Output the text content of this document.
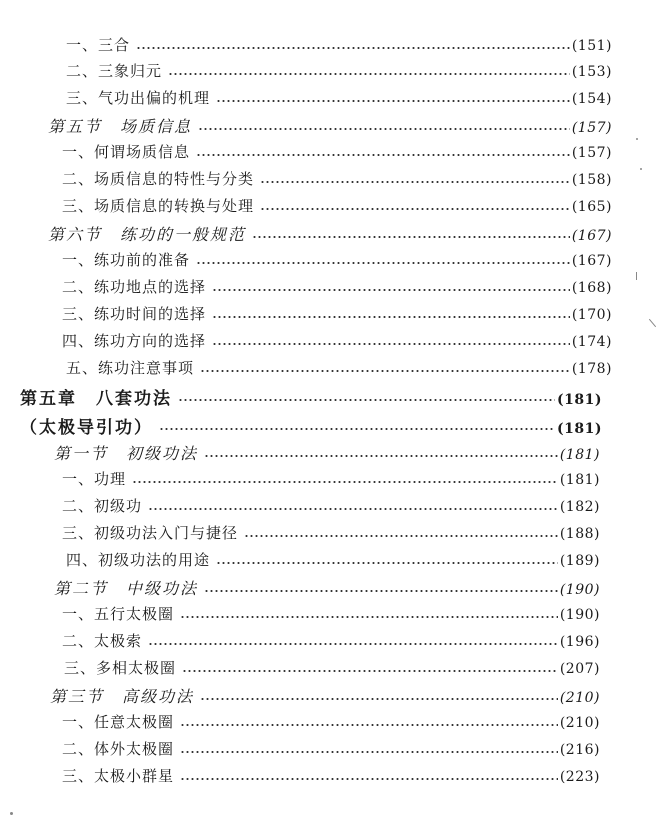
一、三合	(151)
二、三象归元	(153)
三、气功出偏的机理	(154)
第五节　场质信息	(157)
一、何谓场质信息	(157)
二、场质信息的特性与分类	(158)
三、场质信息的转换与处理	(165)
第六节　练功的一般规范	(167)
一、练功前的准备	(167)
二、练功地点的选择	(168)
三、练功时间的选择	(170)
四、练功方向的选择	(174)
五、练功注意事项	(178)
第五章　八套功法	(181)
（太极导引功）	(181)
第一节　初级功法	(181)
一、功理	(181)
二、初级功	(182)
三、初级功法入门与捷径	(188)
四、初级功法的用途	(189)
第二节　中级功法	(190)
一、五行太极圈	(190)
二、太极索	(196)
三、多相太极圈	(207)
第三节　高级功法	(210)
一、任意太极圈	(210)
二、体外太极圈	(216)
三、太极小群星	(223)
